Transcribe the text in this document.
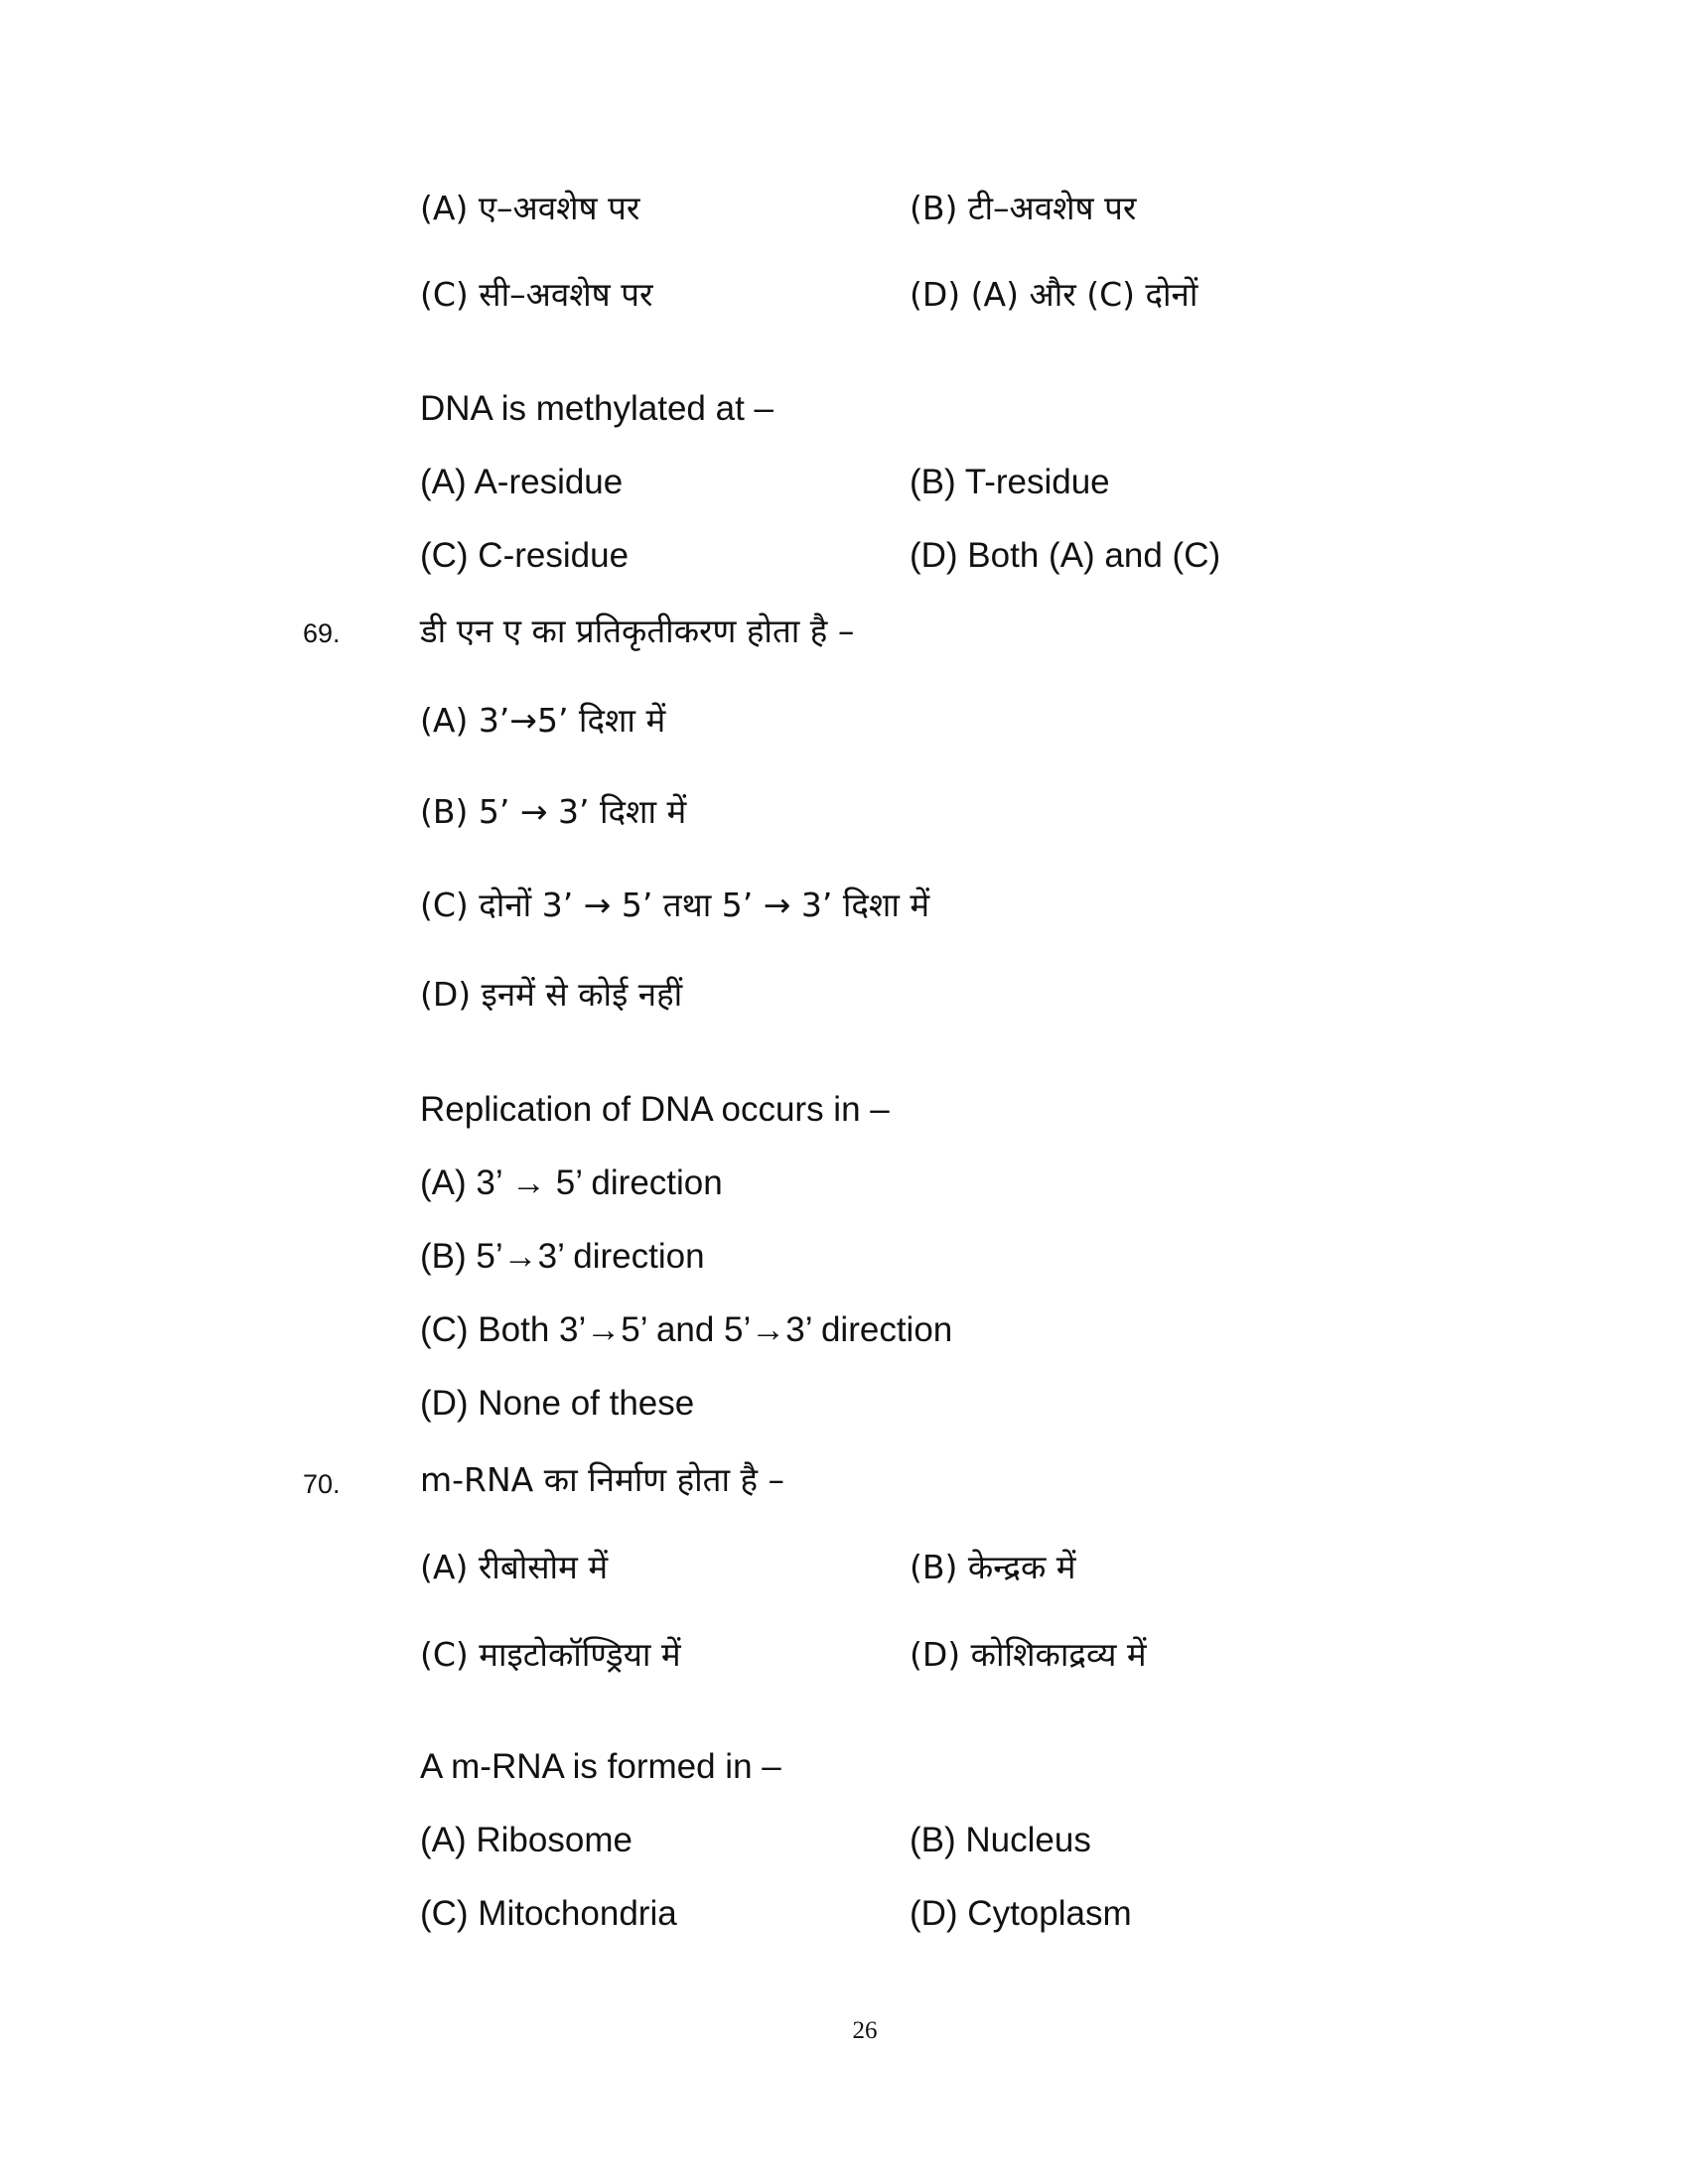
(A) ए–अवशेष पर	(B) टी–अवशेष पर
(C) सी–अवशेष पर	(D) (A) और (C) दोनों
DNA is methylated at –
(A) A-residue	(B) T-residue
(C) C-residue	(D) Both (A) and (C)
69. डी एन ए का प्रतिकृतीकरण होता है –
(A) 3’→5’ दिशा में
(B) 5’ → 3’ दिशा में
(C) दोनों 3’ → 5’ तथा 5’ → 3’ दिशा में
(D) इनमें से कोई नहीं
Replication of DNA occurs in –
(A) 3’ → 5’ direction
(B) 5’→3’ direction
(C) Both 3’→5’ and 5’→3’ direction
(D) None of these
70. m-RNA का निर्माण होता है –
(A) रीबोसोम में	(B) केन्द्रक में
(C) माइटोकॉण्ड्रिया में	(D) कोशिकाद्रव्य में
A m-RNA is formed in –
(A) Ribosome	(B) Nucleus
(C) Mitochondria	(D) Cytoplasm
26
